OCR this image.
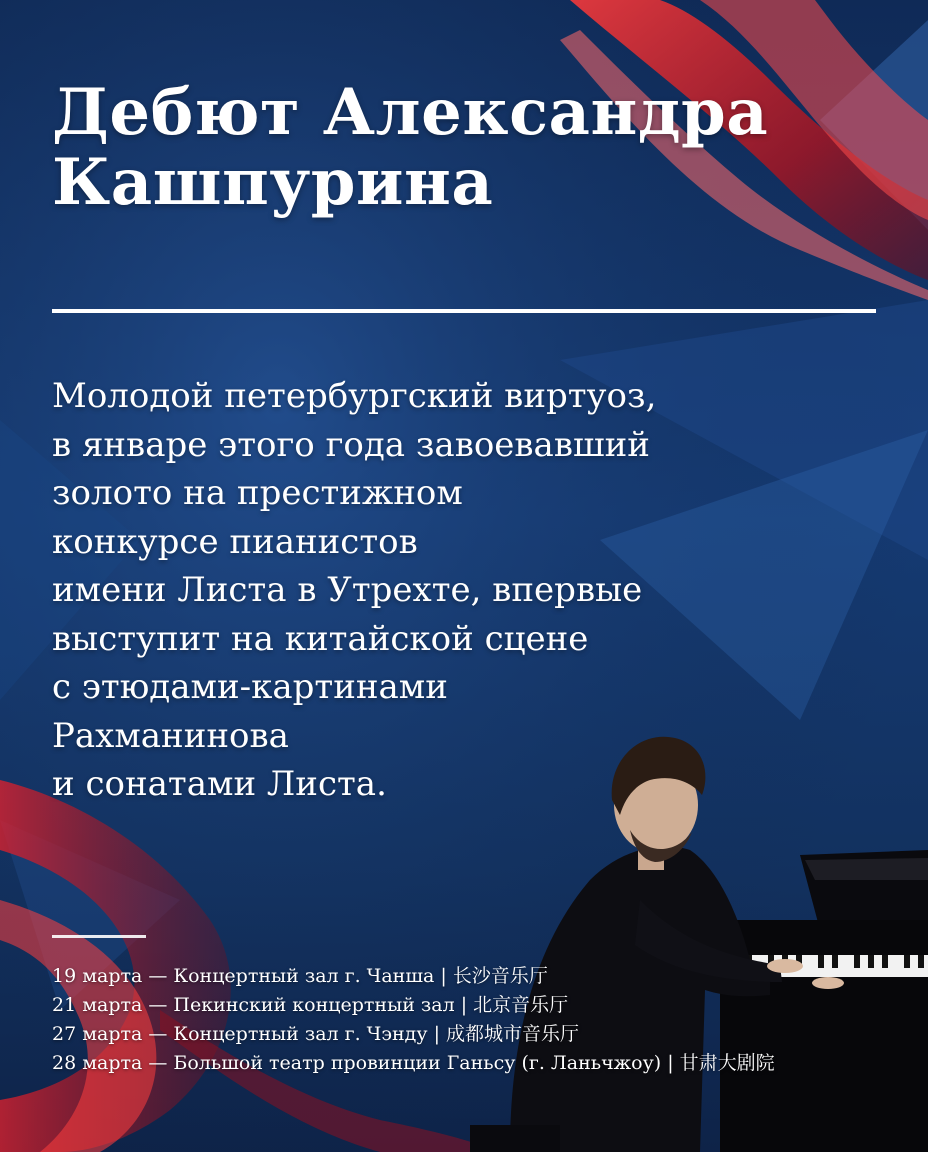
Дебют Александра
Кашпурина
Молодой петербургский виртуоз,
в январе этого года завоевавший
золото на престижном
конкурсе пианистов
имени Листа в Утрехте, впервые
выступит на китайской сцене
с этюдами-картинами
Рахманинова
и сонатами Листа.
19 марта — Концертный зал г. Чанша | 长沙音乐厅
21 марта — Пекинский концертный зал | 北京音乐厅
27 марта — Концертный зал г. Чэнду | 成都城市音乐厅
28 марта — Большой театр провинции Ганьсу (г. Ланьчжоу) | 甘肃大剧院
